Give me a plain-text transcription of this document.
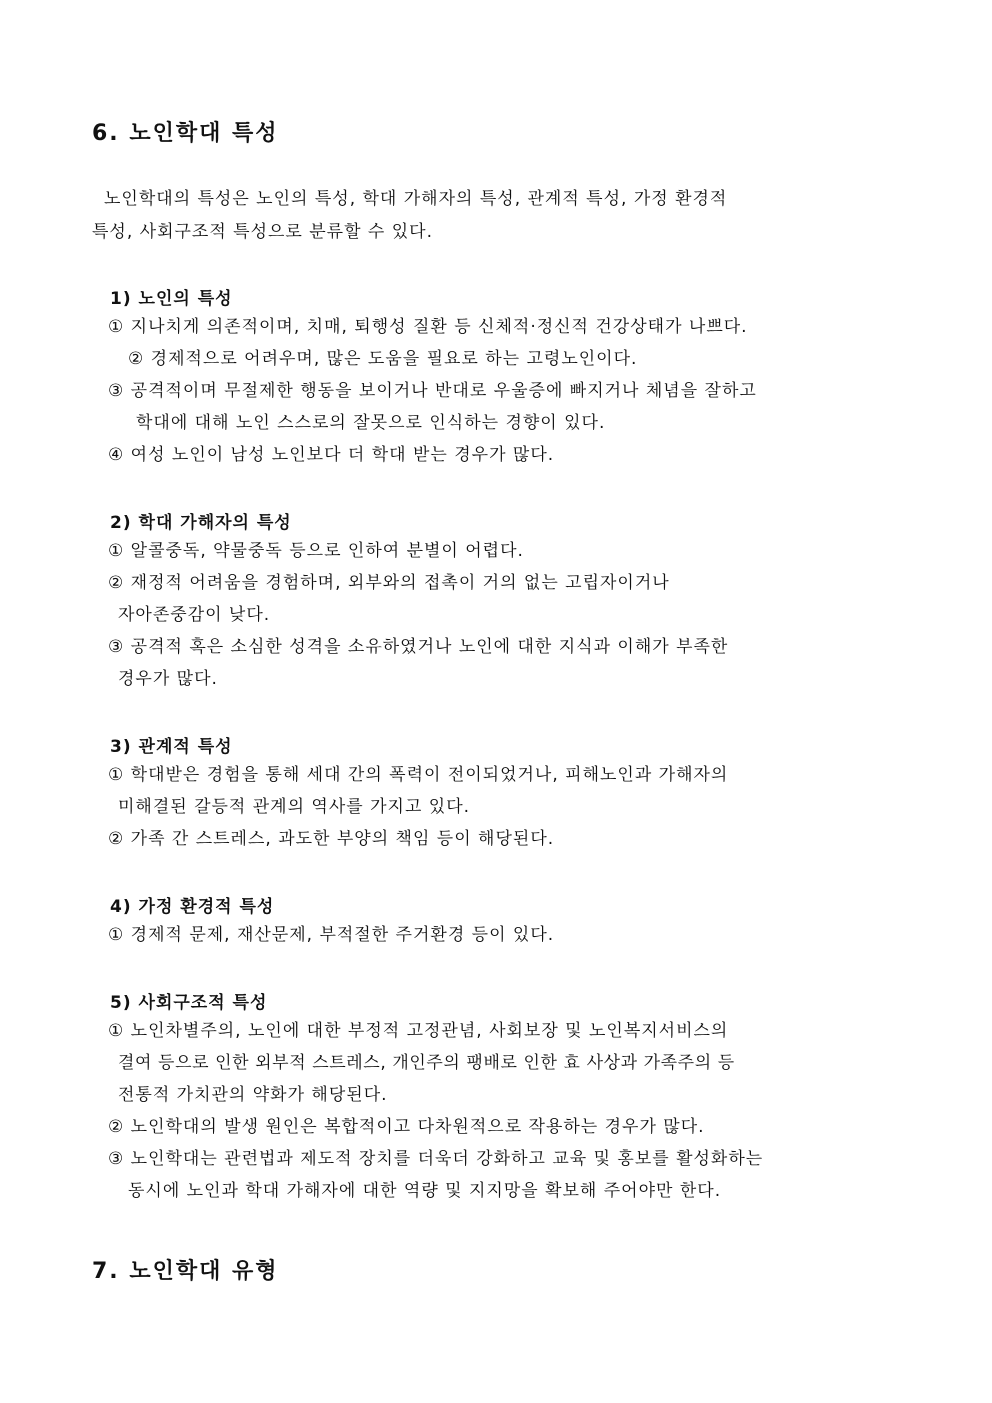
6. 노인학대 특성
노인학대의 특성은 노인의 특성, 학대 가해자의 특성, 관계적 특성, 가정 환경적
특성, 사회구조적 특성으로 분류할 수 있다.
1) 노인의 특성
① 지나치게 의존적이며, 치매, 퇴행성 질환 등 신체적·정신적 건강상태가 나쁘다.
② 경제적으로 어려우며, 많은 도움을 필요로 하는 고령노인이다.
③ 공격적이며 무절제한 행동을 보이거나 반대로 우울증에 빠지거나 체념을 잘하고
학대에 대해 노인 스스로의 잘못으로 인식하는 경향이 있다.
④ 여성 노인이 남성 노인보다 더 학대 받는 경우가 많다.
2) 학대 가해자의 특성
① 알콜중독, 약물중독 등으로 인하여 분별이 어렵다.
② 재정적 어려움을 경험하며, 외부와의 접촉이 거의 없는 고립자이거나
자아존중감이 낮다.
③ 공격적 혹은 소심한 성격을 소유하였거나 노인에 대한 지식과 이해가 부족한
경우가 많다.
3) 관계적 특성
① 학대받은 경험을 통해 세대 간의 폭력이 전이되었거나, 피해노인과 가해자의
미해결된 갈등적 관계의 역사를 가지고 있다.
② 가족 간 스트레스, 과도한 부양의 책임 등이 해당된다.
4) 가정 환경적 특성
① 경제적 문제, 재산문제, 부적절한 주거환경 등이 있다.
5) 사회구조적 특성
① 노인차별주의, 노인에 대한 부정적 고정관념, 사회보장 및 노인복지서비스의
결여 등으로 인한 외부적 스트레스, 개인주의 팽배로 인한 효 사상과 가족주의 등
전통적 가치관의 약화가 해당된다.
② 노인학대의 발생 원인은 복합적이고 다차원적으로 작용하는 경우가 많다.
③ 노인학대는 관련법과 제도적 장치를 더욱더 강화하고 교육 및 홍보를 활성화하는
동시에 노인과 학대 가해자에 대한 역량 및 지지망을 확보해 주어야만 한다.
7. 노인학대 유형
